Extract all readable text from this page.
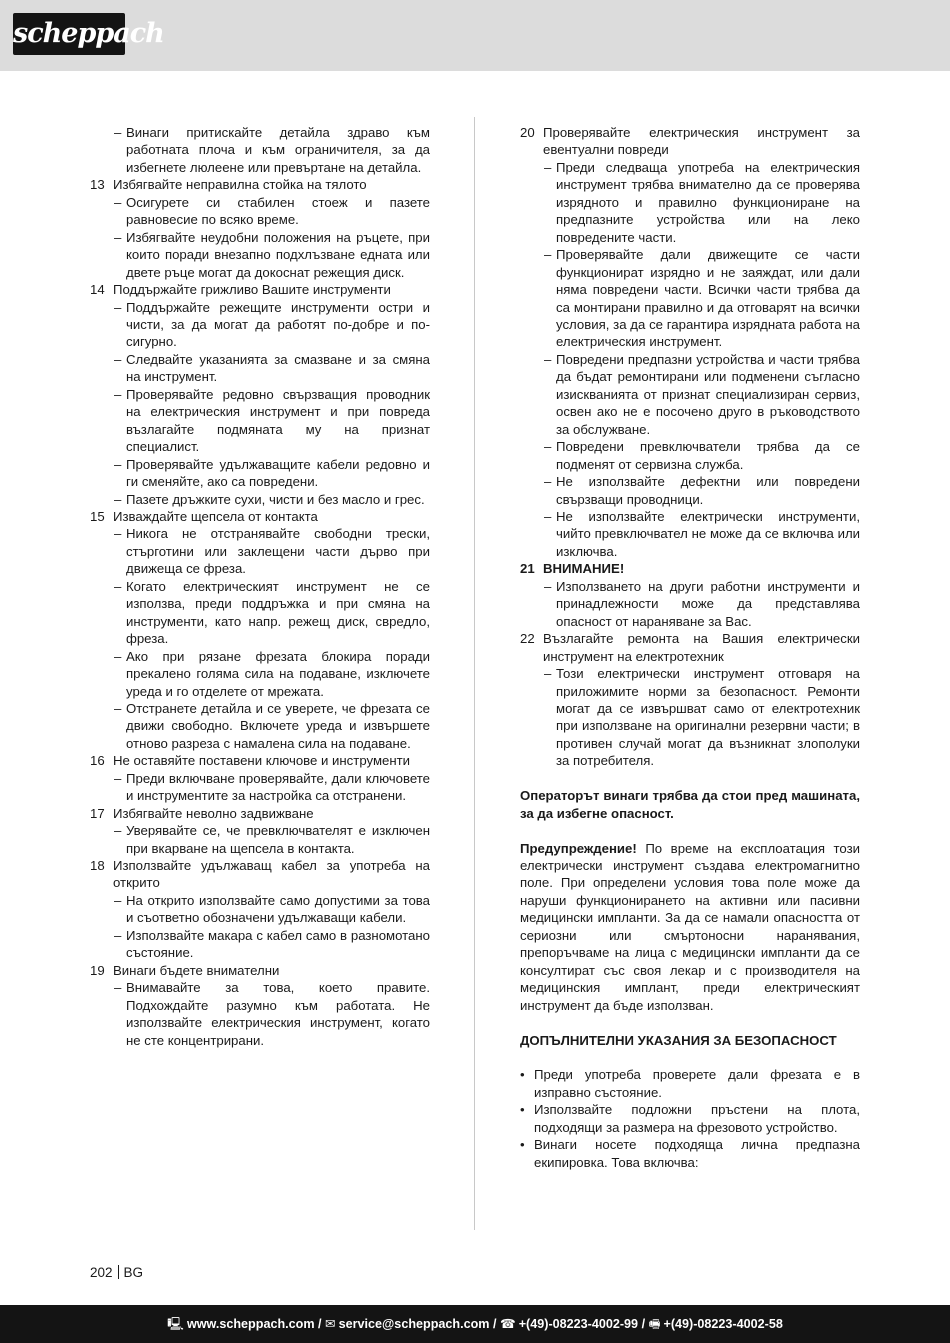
scheppach
– Винаги притискайте детайла здраво към работната плоча и към ограничителя, за да избегнете люлеене или превъртане на детайла.
13 Избягвайте неправилна стойка на тялото
– Осигурете си стабилен стоеж и пазете равновесие по всяко време.
– Избягвайте неудобни положения на ръцете, при които поради внезапно подхлъзване едната или двете ръце могат да докоснат режещия диск.
14 Поддържайте грижливо Вашите инструменти
– Поддържайте режещите инструменти остри и чисти, за да могат да работят по-добре и по-сигурно.
– Следвайте указанията за смазване и за смяна на инструмент.
– Проверявайте редовно свързващия проводник на електрическия инструмент и при повреда възлагайте подмяната му на признат специалист.
– Проверявайте удължаващите кабели редовно и ги сменяйте, ако са повредени.
– Пазете дръжките сухи, чисти и без масло и грес.
15 Изваждайте щепсела от контакта
– Никога не отстранявайте свободни трески, стърготини или заклещени части дърво при движеща се фреза.
– Когато електрическият инструмент не се използва, преди поддръжка и при смяна на инструменти, като напр. режещ диск, свредло, фреза.
– Ако при рязане фрезата блокира поради прекалено голяма сила на подаване, изключете уреда и го отделете от мрежата.
– Отстранете детайла и се уверете, че фрезата се движи свободно. Включете уреда и извършете отново разреза с намалена сила на подаване.
16 Не оставяйте поставени ключове и инструменти
– Преди включване проверявайте, дали ключовете и инструментите за настройка са отстранени.
17 Избягвайте неволно задвижване
– Уверявайте се, че превключвателят е изключен при вкарване на щепсела в контакта.
18 Използвайте удължаващ кабел за употреба на открито
– На открито използвайте само допустими за това и съответно обозначени удължаващи кабели.
– Използвайте макара с кабел само в разномотано състояние.
19 Винаги бъдете внимателни
– Внимавайте за това, което правите. Подхождайте разумно към работата. Не използвайте електрическия инструмент, когато не сте концентрирани.
20 Проверявайте електрическия инструмент за евентуални повреди
– Преди следваща употреба на електрическия инструмент трябва внимателно да се проверява изрядното и правилно функциониране на предпазните устройства или на леко повредените части.
– Проверявайте дали движещите се части функционират изрядно и не заяждат, или дали няма повредени части. Всички части трябва да са монтирани правилно и да отговарят на всички условия, за да се гарантира изрядната работа на електрическия инструмент.
– Повредени предпазни устройства и части трябва да бъдат ремонтирани или подменени съгласно изискванията от признат специализиран сервиз, освен ако не е посочено друго в ръководството за обслужване.
– Повредени превключватели трябва да се подменят от сервизна служба.
– Не използвайте дефектни или повредени свързващи проводници.
– Не използвайте електрически инструменти, чийто превключвател не може да се включва или изключва.
21 ВНИМАНИЕ!
– Използването на други работни инструменти и принадлежности може да представлява опасност от нараняване за Вас.
22 Възлагайте ремонта на Вашия електрически инструмент на електротехник
– Този електрически инструмент отговаря на приложимите норми за безопасност. Ремонти могат да се извършват само от електротехник при използване на оригинални резервни части; в противен случай могат да възникнат злополуки за потребителя.
Операторът винаги трябва да стои пред машината, за да избегне опасност.
Предупреждение! По време на експлоатация този електрически инструмент създава електромагнитно поле. При определени условия това поле може да наруши функционирането на активни или пасивни медицински импланти. За да се намали опасността от сериозни или смъртоносни наранявания, препоръчваме на лица с медицински импланти да се консултират със своя лекар и с производителя на медицинския имплант, преди електрическият инструмент да бъде използван.
ДОПЪЛНИТЕЛНИ УКАЗАНИЯ ЗА БЕЗОПАСНОСТ
• Преди употреба проверете дали фрезата е в изправно състояние.
• Използвайте подложни пръстени на плота, подходящи за размера на фрезовото устройство.
• Винаги носете подходяща лична предпазна екипировка. Това включва:
202 BG
🖳 www.scheppach.com / ✉ service@scheppach.com / ☎ +(49)-08223-4002-99 / 🖷 +(49)-08223-4002-58
